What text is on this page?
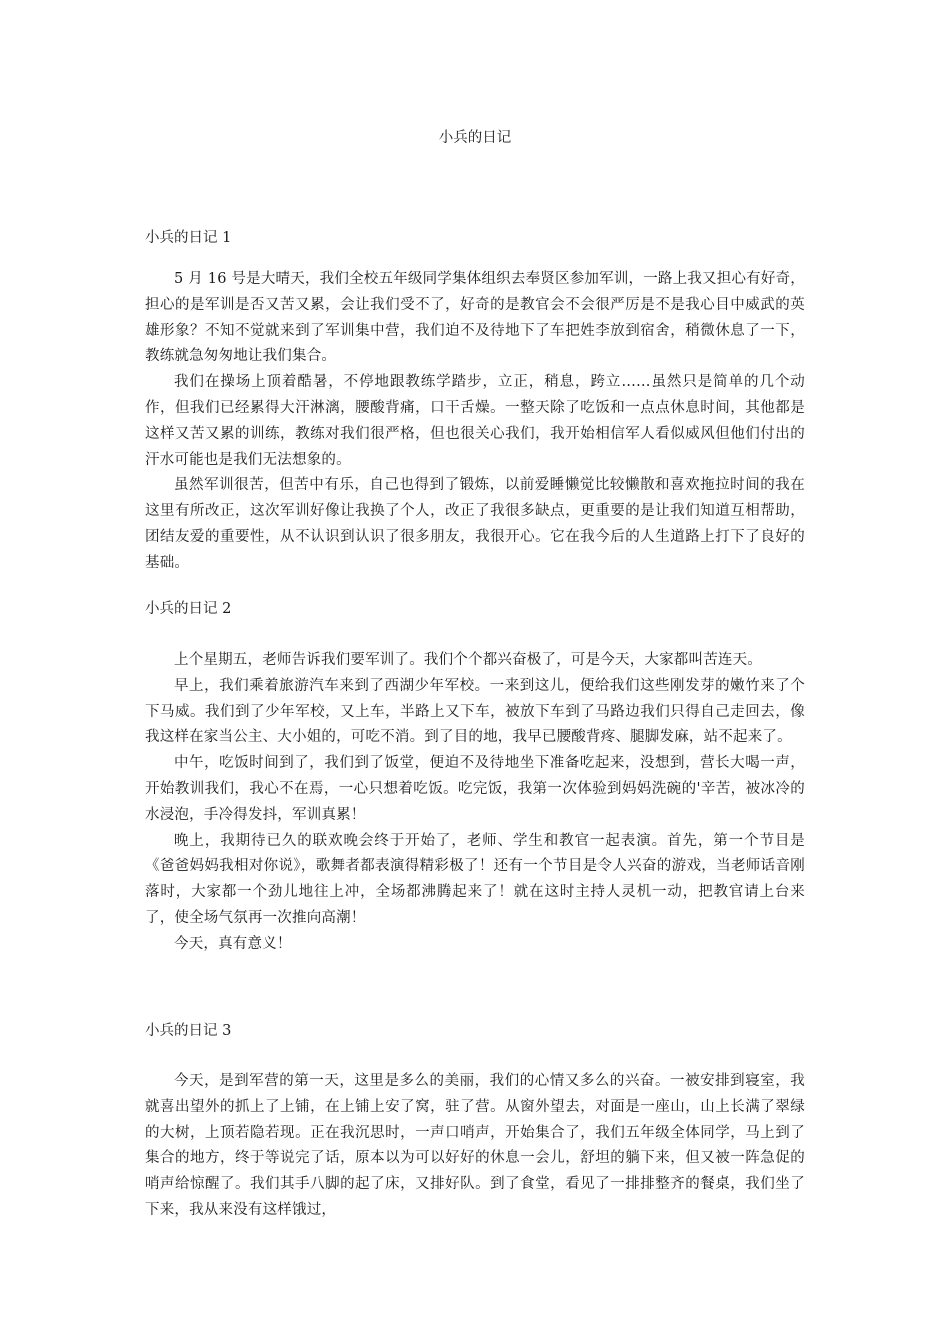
小兵的日记
小兵的日记 1

5 月 16 号是大晴天，我们全校五年级同学集体组织去奉贤区参加军训，一路上我又担心有好奇，担心的是军训是否又苦又累，会让我们受不了，好奇的是教官会不会很严厉是不是我心目中威武的英雄形象？不知不觉就来到了军训集中营，我们迫不及待地下了车把姓李放到宿舍，稍微休息了一下，教练就急匆匆地让我们集合。

我们在操场上顶着酷暑，不停地跟教练学踏步，立正，稍息，跨立……虽然只是简单的几个动作，但我们已经累得大汗淋漓，腰酸背痛，口干舌燥。一整天除了吃饭和一点点休息时间，其他都是这样又苦又累的训练，教练对我们很严格，但也很关心我们，我开始相信军人看似威风但他们付出的汗水可能也是我们无法想象的。

虽然军训很苦，但苦中有乐，自己也得到了锻炼，以前爱睡懒觉比较懒散和喜欢拖拉时间的我在这里有所改正，这次军训好像让我换了个人，改正了我很多缺点，更重要的是让我们知道互相帮助，团结友爱的重要性，从不认识到认识了很多朋友，我很开心。它在我今后的人生道路上打下了良好的基础。

小兵的日记 2

上个星期五，老师告诉我们要军训了。我们个个都兴奋极了，可是今天，大家都叫苦连天。

早上，我们乘着旅游汽车来到了西湖少年军校。一来到这儿，便给我们这些刚发芽的嫩竹来了个下马威。我们到了少年军校，又上车，半路上又下车，被放下车到了马路边我们只得自己走回去，像我这样在家当公主、大小姐的，可吃不消。到了目的地，我早已腰酸背疼、腿脚发麻，站不起来了。

中午，吃饭时间到了，我们到了饭堂，便迫不及待地坐下准备吃起来，没想到，营长大喝一声，开始教训我们，我心不在焉，一心只想着吃饭。吃完饭，我第一次体验到妈妈洗碗的'辛苦，被冰冷的水浸泡，手冷得发抖，军训真累！

晚上，我期待已久的联欢晚会终于开始了，老师、学生和教官一起表演。首先，第一个节目是《爸爸妈妈我相对你说》，歌舞者都表演得精彩极了！还有一个节目是令人兴奋的游戏，当老师话音刚落时，大家都一个劲儿地往上冲，全场都沸腾起来了！就在这时主持人灵机一动，把教官请上台来了，使全场气氛再一次推向高潮！

今天，真有意义！

小兵的日记 3

今天，是到军营的第一天，这里是多么的美丽，我们的心情又多么的兴奋。一被安排到寝室，我就喜出望外的抓上了上铺，在上铺上安了窝，驻了营。从窗外望去，对面是一座山，山上长满了翠绿的大树，上顶若隐若现。正在我沉思时，一声口哨声，开始集合了，我们五年级全体同学，马上到了集合的地方，终于等说完了话，原本以为可以好好的休息一会儿，舒坦的躺下来，但又被一阵急促的哨声给惊醒了。我们其手八脚的起了床，又排好队。到了食堂，看见了一排排整齐的餐桌，我们坐了下来，我从来没有这样饿过，
